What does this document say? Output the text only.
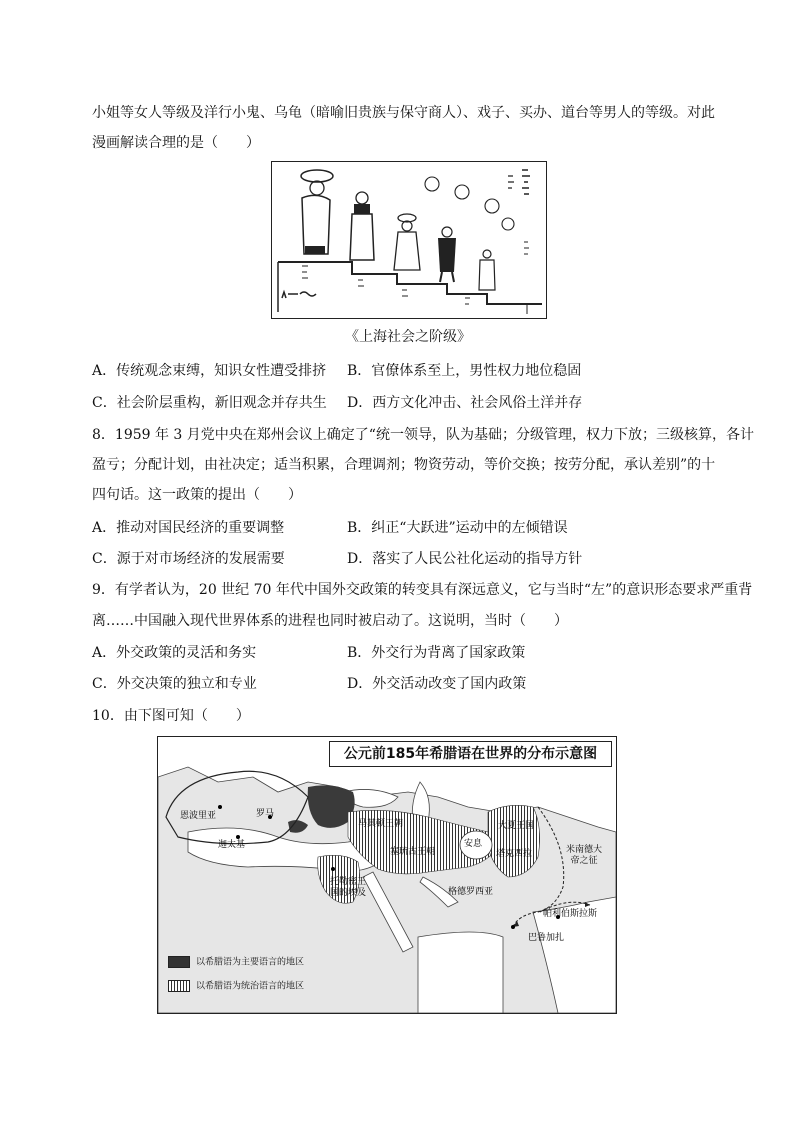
小姐等女人等级及洋行小鬼、乌龟（暗喻旧贵族与保守商人）、戏子、买办、道台等男人的等级。对此
漫画解读合理的是（　　）
《上海社会之阶级》
A．传统观念束缚，知识女性遭受排挤 B．官僚体系至上，男性权力地位稳固
C．社会阶层重构，新旧观念并存共生 D．西方文化冲击、社会风俗土洋并存
8．1959 年 3 月党中央在郑州会议上确定了“统一领导，队为基础；分级管理，权力下放；三级核算，各计
盈亏；分配计划，由社决定；适当积累，合理调剂；物资劳动，等价交换；按劳分配，承认差别”的十
四句话。这一政策的提出（　　）
A．推动对国民经济的重要调整	B．纠正“大跃进”运动中的左倾错误
C．源于对市场经济的发展需要	D．落实了人民公社化运动的指导方针
9．有学者认为，20 世纪 70 年代中国外交政策的转变具有深远意义，它与当时“左”的意识形态要求严重背
离……中国融入现代世界体系的进程也同时被启动了。这说明，当时（　　）
A．外交政策的灵活和务实	B．外交行为背离了国家政策
C．外交决策的独立和专业	D．外交活动改变了国内政策
10．由下图可知（　　）
公元前185年希腊语在世界的分布示意图
恩波里亚	罗马
迦太基
马其顿王朝
塞琉古王朝
托勒密王国的埃及
安息
大夏王国
塔克西拉
格德罗西亚
米南德大帝之征
帕利伯斯拉斯
巴鲁加扎
以希腊语为主要语言的地区
以希腊语为统治语言的地区
